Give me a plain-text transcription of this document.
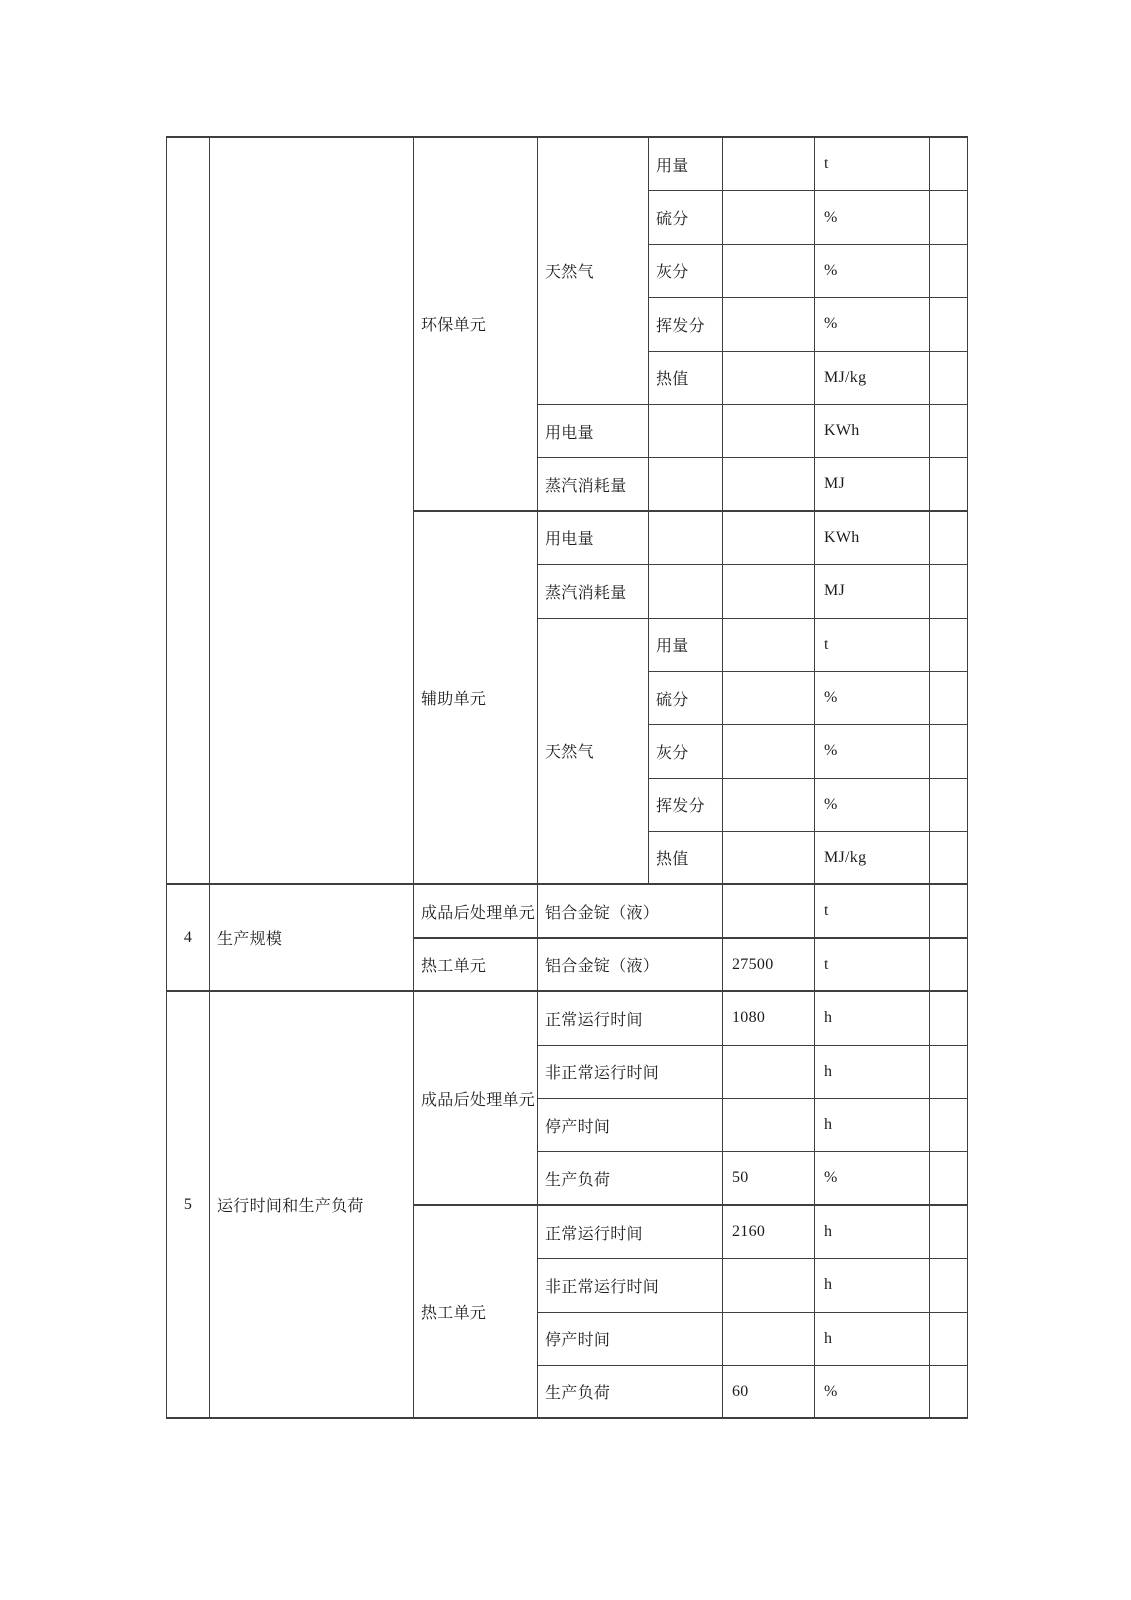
4
5
生产规模
运行时间和生产负荷
环保单元
辅助单元
成品后处理单元
热工单元
成品后处理单元
热工单元
天然气
用电量
蒸汽消耗量
用电量
蒸汽消耗量
天然气
铝合金锭（液）
铝合金锭（液）
正常运行时间
非正常运行时间
停产时间
生产负荷
正常运行时间
非正常运行时间
停产时间
生产负荷
用量
硫分
灰分
挥发分
热值
用量
硫分
灰分
挥发分
热值
27500
1080
50
2160
60
t
%
%
%
MJ/kg
KWh
MJ
KWh
MJ
t
%
%
%
MJ/kg
t
t
h
h
h
%
h
h
h
%
